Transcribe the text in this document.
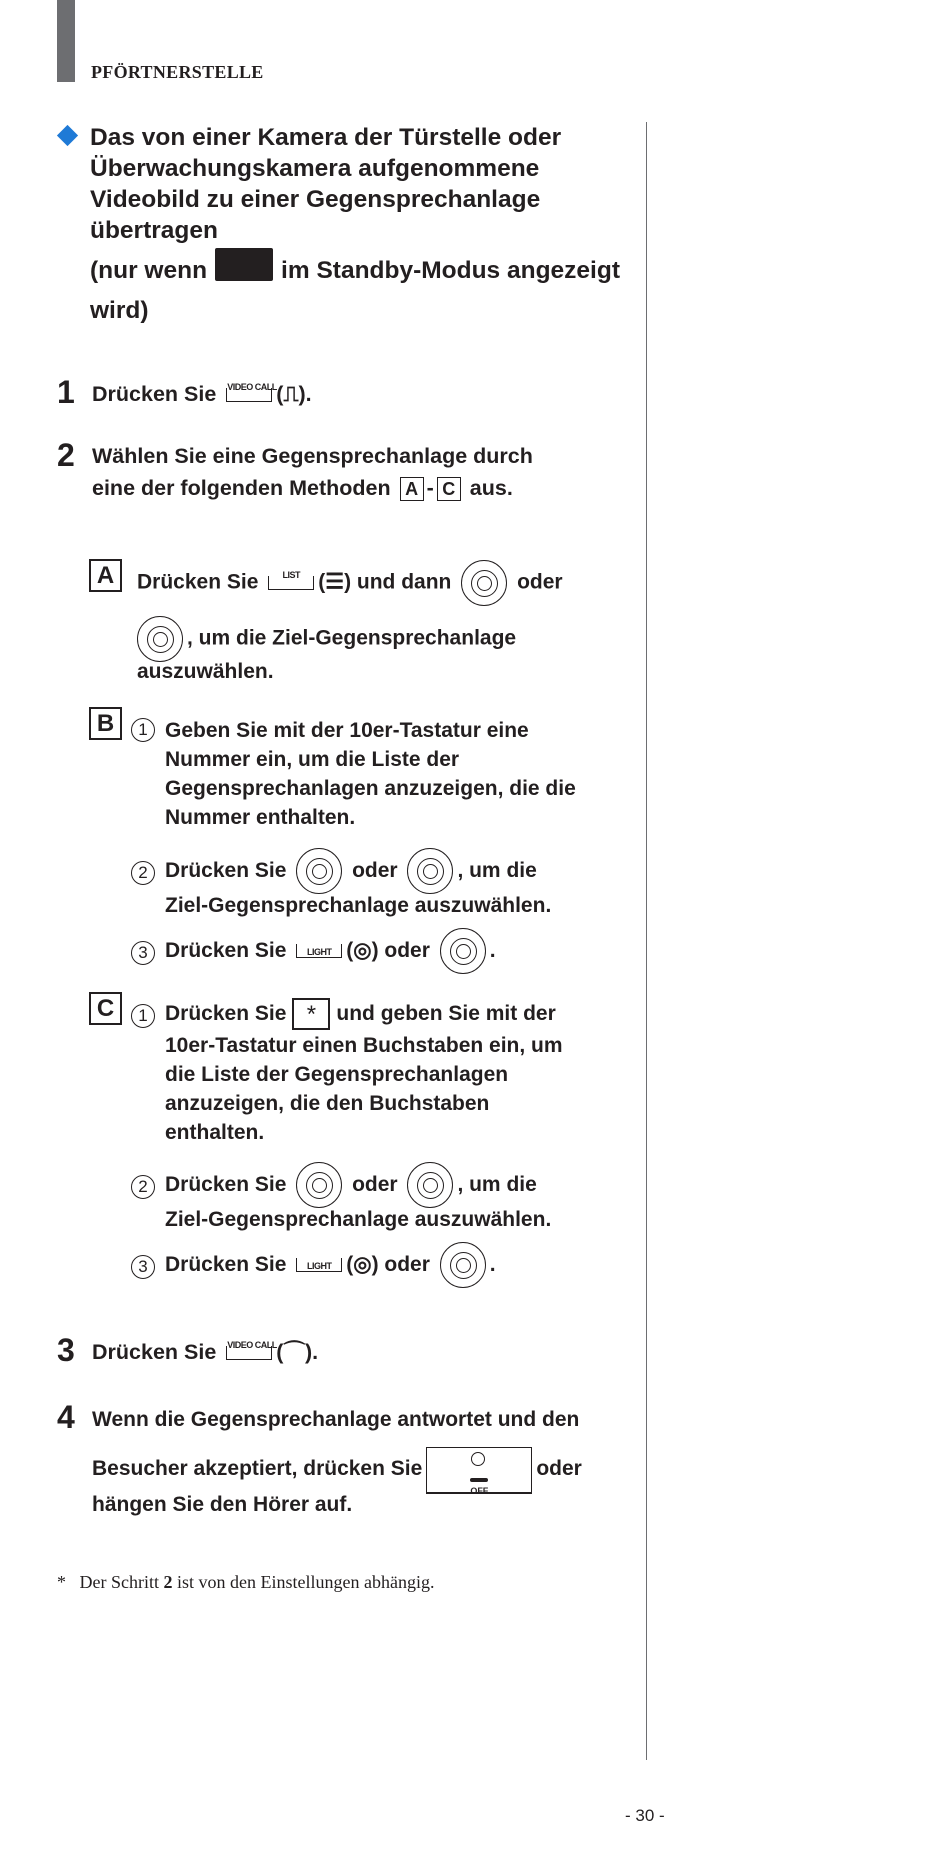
PFÖRTNERSTELLE
Das von einer Kamera der Türstelle oder
Überwachungskamera aufgenommene
Videobild zu einer Gegensprechanlage
übertragen
(nur wenn	im Standby-Modus angezeigt
wird)
1 Drücken Sie VIDEO CALL (⎍).
2 Wählen Sie eine Gegensprechanlage durch
eine der folgenden Methoden A - C aus.
A	Drücken Sie	LIST (☰) und dann	oder
, um die Ziel-Gegensprechanlage
auszuwählen.
B	1 Geben Sie mit der 10er-Tastatur eine
Nummer ein, um die Liste der
Gegensprechanlagen anzuzeigen, die die
Nummer enthalten.
2 Drücken Sie	oder	, um die
Ziel-Gegensprechanlage auszuwählen.
3 Drücken Sie	LIGHT (◎) oder	.
C	1 Drücken Sie * und geben Sie mit der
10er-Tastatur einen Buchstaben ein, um
die Liste der Gegensprechanlagen
anzuzeigen, die den Buchstaben
enthalten.
2 Drücken Sie	oder	, um die
Ziel-Gegensprechanlage auszuwählen.
3 Drücken Sie	LIGHT (◎) oder	.
3 Drücken Sie VIDEO CALL (⌒).
4 Wenn die Gegensprechanlage antwortet und den
Besucher akzeptiert, drücken Sie
OFF
oder
hängen Sie den Hörer auf.
* Der Schritt 2 ist von den Einstellungen abhängig.
- 30 -
